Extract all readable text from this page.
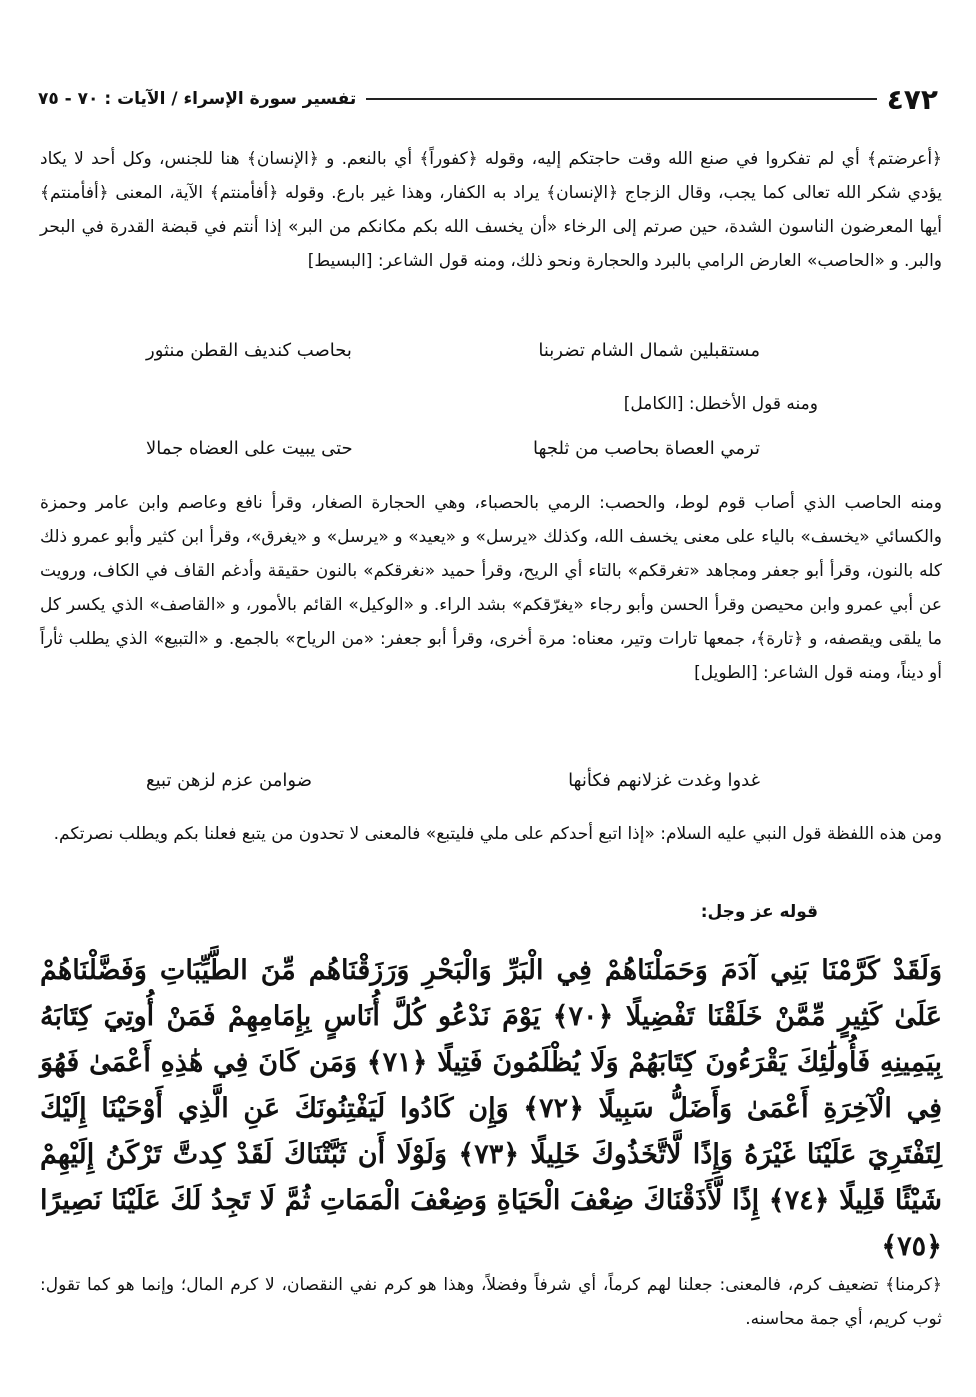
٤٧٢
تفسير سورة الإسراء / الآيات : ٧٠ - ٧٥
﴿أعرضتم﴾ أي لم تفكروا في صنع الله وقت حاجتكم إليه، وقوله ﴿كفوراً﴾ أي بالنعم. و ﴿الإنسان﴾ هنا للجنس، وكل أحد لا يكاد يؤدي شكر الله تعالى كما يجب، وقال الزجاج ﴿الإنسان﴾ يراد به الكفار، وهذا غير بارع. وقوله ﴿أفأمنتم﴾ الآية، المعنى ﴿أفأمنتم﴾ أيها المعرضون الناسون الشدة، حين صرتم إلى الرخاء «أن يخسف الله بكم مكانكم من البر» إذا أنتم في قبضة القدرة في البحر والبر. و «الحاصب» العارض الرامي بالبرد والحجارة ونحو ذلك، ومنه قول الشاعر: [البسيط]
مستقبلين شمال الشام تضربنا
بحاصب كنديف القطن منثور
ومنه قول الأخطل: [الكامل]
ترمي العصاة بحاصب من ثلجها
حتى يبيت على العضاه جمالا
ومنه الحاصب الذي أصاب قوم لوط، والحصب: الرمي بالحصباء، وهي الحجارة الصغار، وقرأ نافع وعاصم وابن عامر وحمزة والكسائي «يخسف» بالياء على معنى يخسف الله، وكذلك «يرسل» و «يعيد» و «يرسل» و «يغرق»، وقرأ ابن كثير وأبو عمرو ذلك كله بالنون، وقرأ أبو جعفر ومجاهد «تغرقكم» بالتاء أي الريح، وقرأ حميد «نغرقكم» بالنون حقيقة وأدغم القاف في الكاف، ورويت عن أبي عمرو وابن محيصن وقرأ الحسن وأبو رجاء «يغرّقكم» بشد الراء. و «الوكيل» القائم بالأمور، و «القاصف» الذي يكسر كل ما يلقى ويقصفه، و ﴿تارة﴾، جمعها تارات وتير، معناه: مرة أخرى، وقرأ أبو جعفر: «من الرياح» بالجمع. و «التبيع» الذي يطلب ثأراً أو ديناً، ومنه قول الشاعر: [الطويل]
غدوا وغدت غزلانهم فكأنها
ضوامن عزم لزهن تبيع
ومن هذه اللفظة قول النبي عليه السلام: «إذا اتبع أحدكم على ملي فليتبع» فالمعنى لا تحدون من يتبع فعلنا بكم ويطلب نصرتكم.
قوله عز وجل:
وَلَقَدْ كَرَّمْنَا بَنِي آدَمَ وَحَمَلْنَاهُمْ فِي الْبَرِّ وَالْبَحْرِ وَرَزَقْنَاهُم مِّنَ الطَّيِّبَاتِ وَفَضَّلْنَاهُمْ عَلَىٰ كَثِيرٍ مِّمَّنْ خَلَقْنَا تَفْضِيلًا ﴿٧٠﴾ يَوْمَ نَدْعُو كُلَّ أُنَاسٍ بِإِمَامِهِمْ فَمَنْ أُوتِيَ كِتَابَهُ بِيَمِينِهِ فَأُولَٰئِكَ يَقْرَءُونَ كِتَابَهُمْ وَلَا يُظْلَمُونَ فَتِيلًا ﴿٧١﴾ وَمَن كَانَ فِي هَٰذِهِ أَعْمَىٰ فَهُوَ فِي الْآخِرَةِ أَعْمَىٰ وَأَضَلُّ سَبِيلًا ﴿٧٢﴾ وَإِن كَادُوا لَيَفْتِنُونَكَ عَنِ الَّذِي أَوْحَيْنَا إِلَيْكَ لِتَفْتَرِيَ عَلَيْنَا غَيْرَهُ وَإِذًا لَّاتَّخَذُوكَ خَلِيلًا ﴿٧٣﴾ وَلَوْلَا أَن ثَبَّتْنَاكَ لَقَدْ كِدتَّ تَرْكَنُ إِلَيْهِمْ شَيْئًا قَلِيلًا ﴿٧٤﴾ إِذًا لَّأَذَقْنَاكَ ضِعْفَ الْحَيَاةِ وَضِعْفَ الْمَمَاتِ ثُمَّ لَا تَجِدُ لَكَ عَلَيْنَا نَصِيرًا ﴿٧٥﴾
﴿كرمنا﴾ تضعيف كرم، فالمعنى: جعلنا لهم كرماً، أي شرفاً وفضلاً، وهذا هو كرم نفي النقصان، لا كرم المال؛ وإنما هو كما تقول: ثوب كريم، أي جمة محاسنه.
